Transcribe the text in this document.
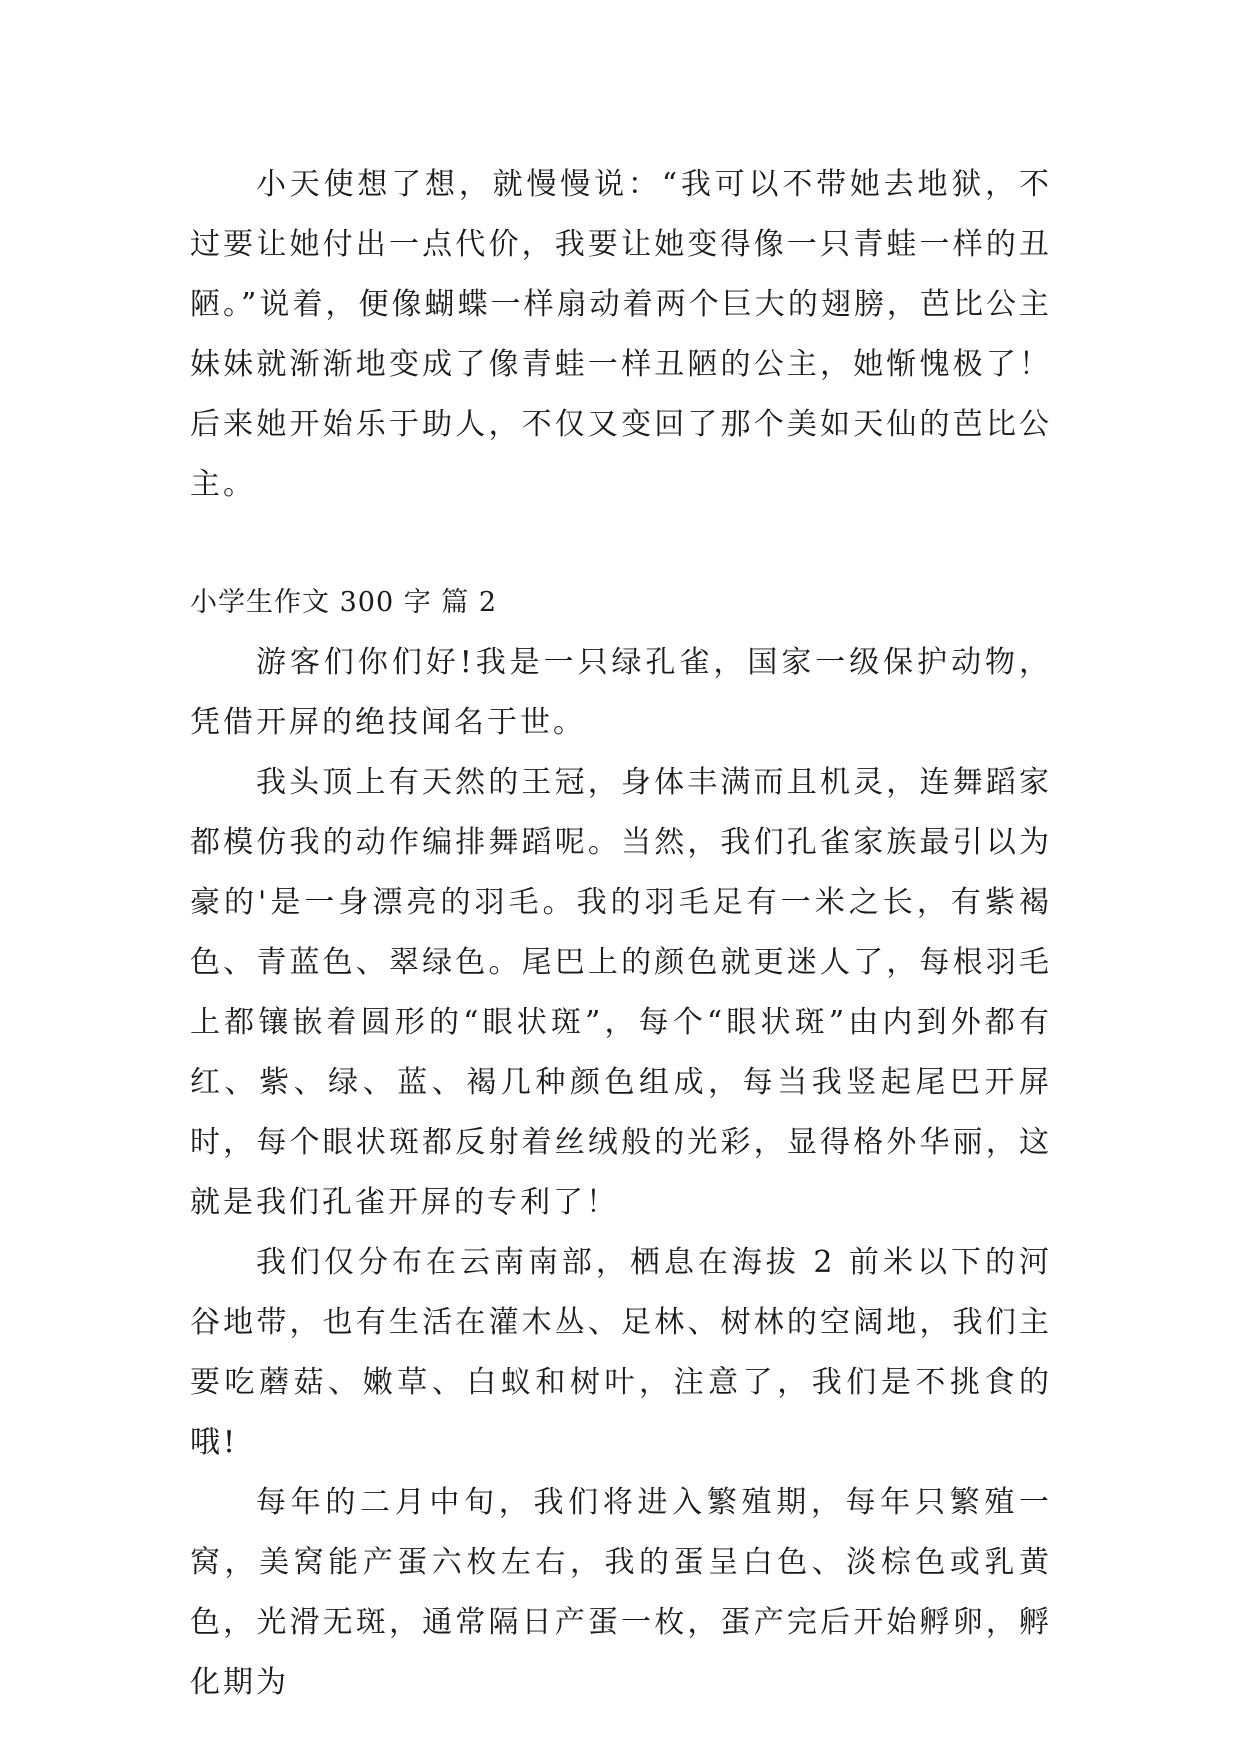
小天使想了想，就慢慢说：“我可以不带她去地狱，不过要让她付出一点代价，我要让她变得像一只青蛙一样的丑陋。”说着，便像蝴蝶一样扇动着两个巨大的翅膀，芭比公主妹妹就渐渐地变成了像青蛙一样丑陋的公主，她惭愧极了！后来她开始乐于助人，不仅又变回了那个美如天仙的芭比公主。

小学生作文 300 字 篇 2

游客们你们好!我是一只绿孔雀，国家一级保护动物，凭借开屏的绝技闻名于世。

我头顶上有天然的王冠，身体丰满而且机灵，连舞蹈家都模仿我的动作编排舞蹈呢。当然，我们孔雀家族最引以为豪的'是一身漂亮的羽毛。我的羽毛足有一米之长，有紫褐色、青蓝色、翠绿色。尾巴上的颜色就更迷人了，每根羽毛上都镶嵌着圆形的“眼状斑”，每个“眼状斑”由内到外都有红、紫、绿、蓝、褐几种颜色组成，每当我竖起尾巴开屏时，每个眼状斑都反射着丝绒般的光彩，显得格外华丽，这就是我们孔雀开屏的专利了！

我们仅分布在云南南部，栖息在海拔 2 前米以下的河谷地带，也有生活在灌木丛、足林、树林的空阔地，我们主要吃蘑菇、嫩草、白蚁和树叶，注意了，我们是不挑食的哦!

每年的二月中旬，我们将进入繁殖期，每年只繁殖一窝，美窝能产蛋六枚左右，我的蛋呈白色、淡棕色或乳黄色，光滑无斑，通常隔日产蛋一枚，蛋产完后开始孵卵，孵化期为
